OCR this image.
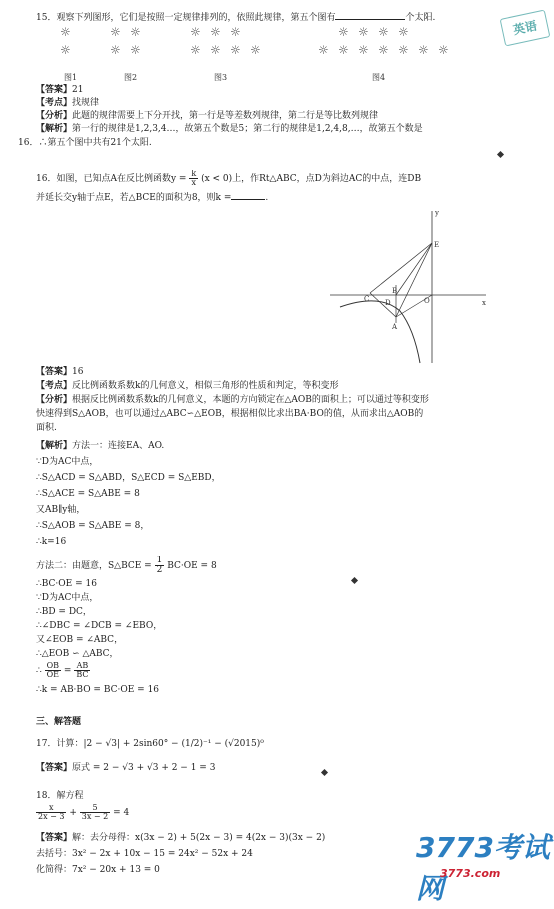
英语
15．观察下列图形，它们是按照一定规律排列的，依照此规律，第五个图有	个太阳.
☼
☼
☼ ☼
☼ ☼
☼ ☼ ☼
☼ ☼ ☼ ☼
☼ ☼ ☼ ☼
☼ ☼ ☼ ☼ ☼ ☼ ☼
图1	图2	图3	图4
【答案】21
【考点】找规律
【分析】此题的规律需要上下分开找，第一行是等差数列规律，第二行是等比数列规律
【解析】第一行的规律是1,2,3,4…，故第五个数是5；第二行的规律是1,2,4,8,…，故第五个数是
16．∴第五个图中共有21个太阳.
16．如图，已知点A在反比例函数$y = \frac{k}{x} (x < 0)$上，作Rt△ABC，点D为斜边AC的中点，连DB
并延长交y轴于点E，若△BCE的面积为8，则k =	.
y
x
E
A
B
D	O
C
【答案】16
【考点】反比例函数系数k的几何意义，相似三角形的性质和判定，等积变形
【分析】根据反比例函数系数k的几何意义，本题的方向锁定在△AOB的面积上；可以通过等积变形
快速得到S△AOB，也可以通过△ABC∽△EOB，根据相似比求出BA·BO的值，从而求出△AOB的
面积.
【解析】方法一：连接EA、AO.
∵D为AC中点，
∴S△ACD = S△ABD，S△ECD = S△EBD，
∴S△ACE = S△ABE = 8
又AB∥y轴，
∴S△AOB = S△ABE = 8，
∴k=16
方法二：由题意，S△BCE = $\frac{1}{2} BC\cdot OE = 8$
∴BC·OE = 16
∵D为AC中点，
∴BD = DC，
∴∠DBC = ∠DCB = ∠EBO，
又∠EOB = ∠ABC，
∴△EOB ∽ △ABC，
∴ $\frac{OB}{OE} = \frac{AB}{BC}$
∴k = AB·BO = BC·OE = 16
三、解答题
17．计算：|2 − √3| + 2sin60° − (1/2)⁻¹ − (√2015)⁰
【答案】原式 = 2 − √3 + √3 + 2 − 1 = 3
18．解方程
$\frac{x}{2x - 3} + \frac{5}{3x - 2} = 4$
【答案】解：去分母得：x(3x − 2) + 5(2x − 3) = 4(2x − 3)(3x − 2)
去括号：3x² − 2x + 10x − 15 = 24x² − 52x + 24
化简得：7x² − 20x + 13 = 0
3773考试网
3773.com
